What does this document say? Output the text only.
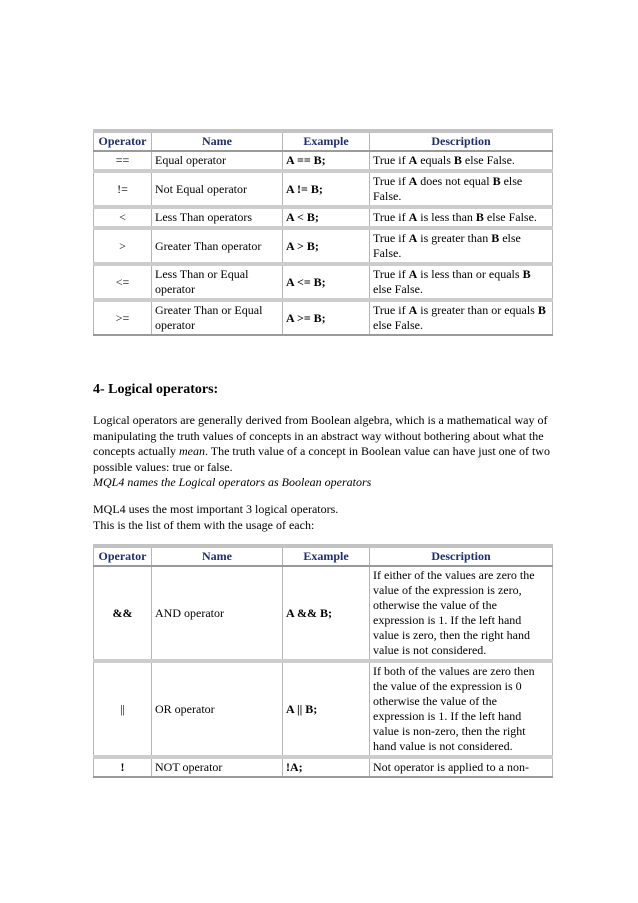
Operator	Name	Example	Description
==	Equal operator	A == B;	True if A equals B else False.
!=	Not Equal operator	A != B;	True if A does not equal B else False.
<	Less Than operators	A < B;	True if A is less than B else False.
>	Greater Than operator	A > B;	True if A is greater than B else False.
<=	Less Than or Equal operator	A <= B;	True if A is less than or equals B else False.
>=	Greater Than or Equal operator	A >= B;	True if A is greater than or equals B else False.
4- Logical operators:

Logical operators are generally derived from Boolean algebra, which is a mathematical way of manipulating the truth values of concepts in an abstract way without bothering about what the concepts actually mean. The truth value of a concept in Boolean value can have just one of two possible values: true or false.
MQL4 names the Logical operators as Boolean operators

MQL4 uses the most important 3 logical operators.
This is the list of them with the usage of each:

Operator	Name	Example	Description
&&	AND operator	A && B;	If either of the values are zero the value of the expression is zero, otherwise the value of the expression is 1. If the left hand value is zero, then the right hand value is not considered.
||	OR operator	A || B;	If both of the values are zero then the value of the expression is 0 otherwise the value of the expression is 1. If the left hand value is non-zero, then the right hand value is not considered.
!	NOT operator	!A;	Not operator is applied to a non-
